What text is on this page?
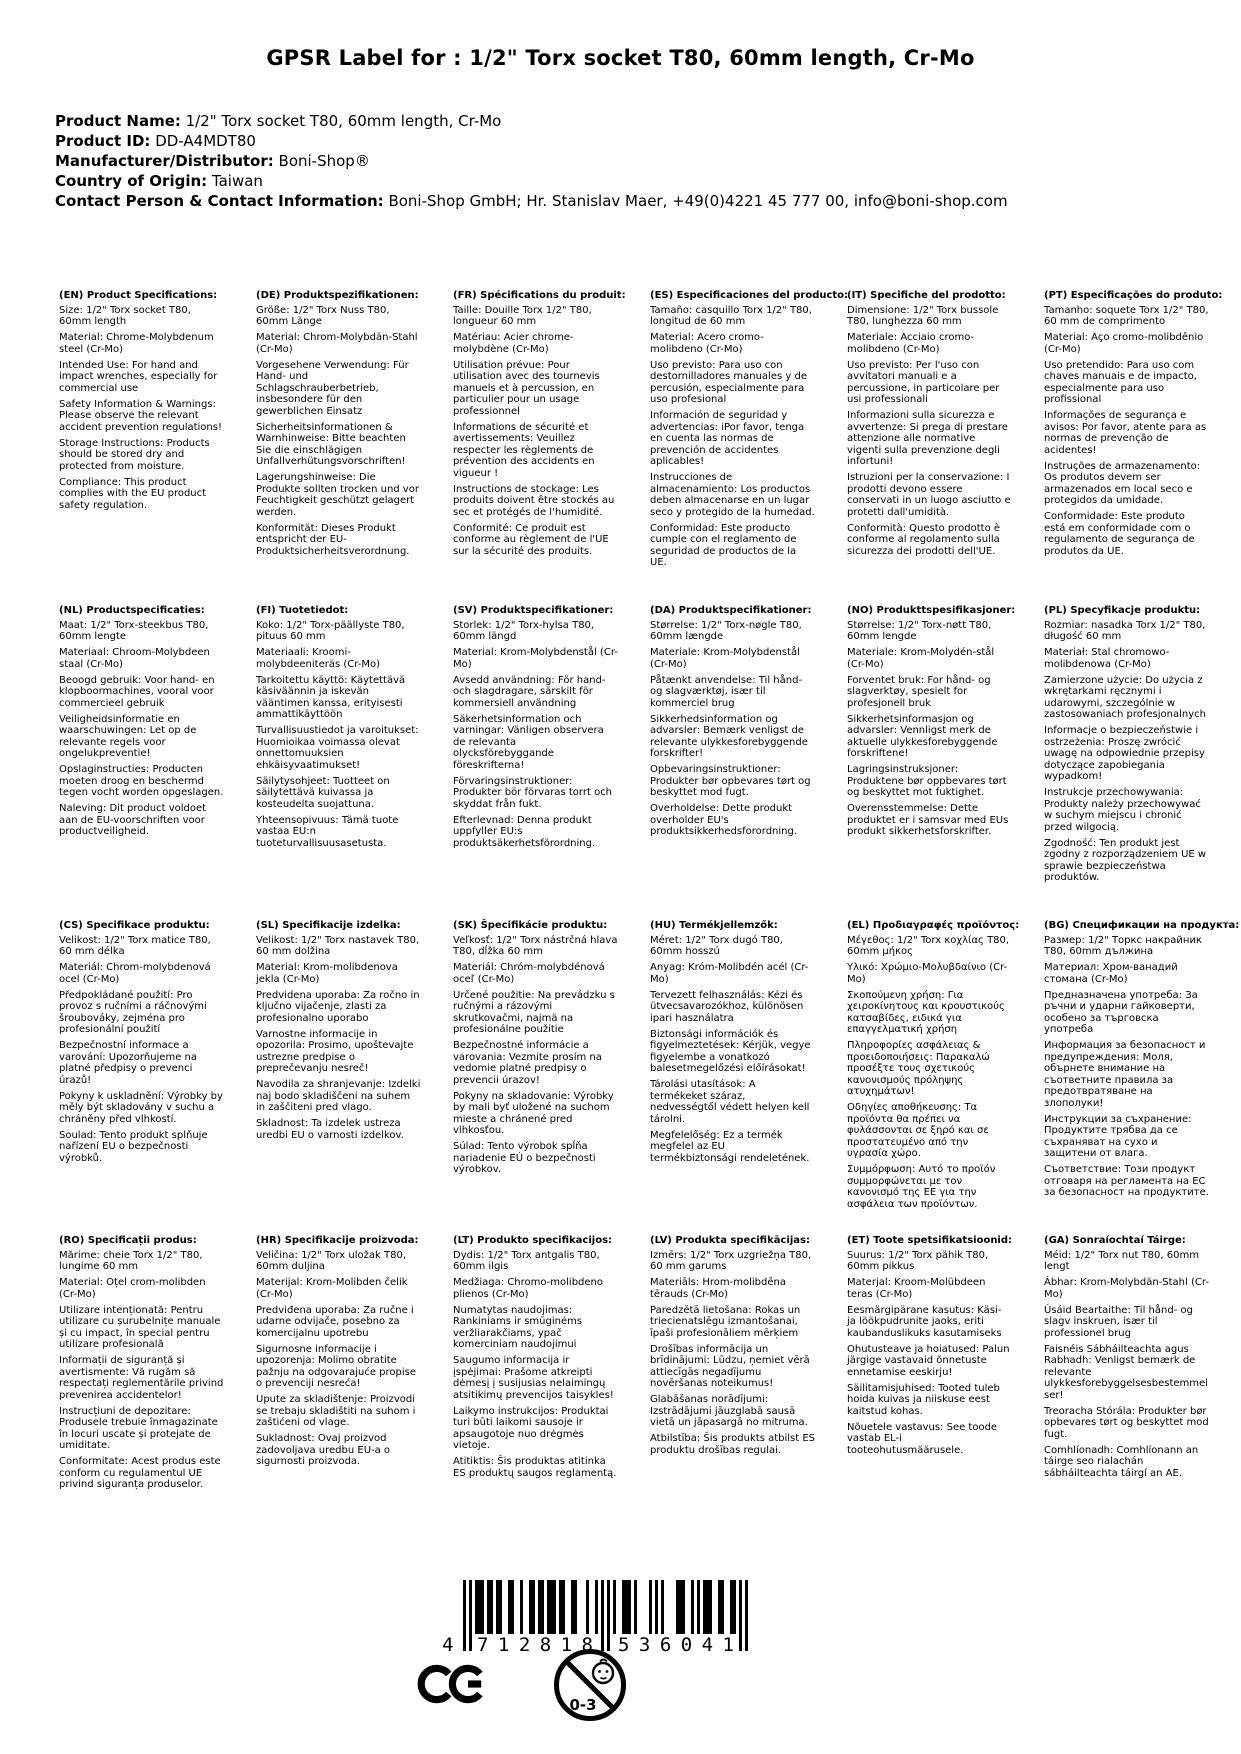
GPSR Label for : 1/2" Torx socket T80, 60mm length, Cr-Mo
Product Name: 1/2" Torx socket T80, 60mm length, Cr-Mo
Product ID: DD-A4MDT80
Manufacturer/Distributor: Boni-Shop®
Country of Origin: Taiwan
Contact Person & Contact Information: Boni-Shop GmbH; Hr. Stanislav Maer, +49(0)4221 45 777 00, info@boni-shop.com
(EN) Product Specifications:

Size: 1/2" Torx socket T80, 60mm length

Material: Chrome-Molybdenum steel (Cr-Mo)

Intended Use: For hand and impact wrenches, especially for commercial use

Safety Information & Warnings: Please observe the relevant accident prevention regulations!

Storage Instructions: Products should be stored dry and protected from moisture.

Compliance: This product complies with the EU product safety regulation.

(DE) Produktspezifikationen:

Größe: 1/2" Torx Nuss T80, 60mm Länge

Material: Chrom-Molybdän-Stahl (Cr-Mo)

Vorgesehene Verwendung: Für Hand- und Schlagschrauberbetrieb, insbesondere für den gewerblichen Einsatz

Sicherheitsinformationen & Warnhinweise: Bitte beachten Sie die einschlägigen Unfallverhütungsvorschriften!

Lagerungshinweise: Die Produkte sollten trocken und vor Feuchtigkeit geschützt gelagert werden.

Konformität: Dieses Produkt entspricht der EU-Produktsicherheitsverordnung.

(FR) Spécifications du produit:

Taille: Douille Torx 1/2" T80, longueur 60 mm

Matériau: Acier chrome-molybdène (Cr-Mo)

Utilisation prévue: Pour utilisation avec des tournevis manuels et à percussion, en particulier pour un usage professionnel

Informations de sécurité et avertissements: Veuillez respecter les règlements de prévention des accidents en vigueur !

Instructions de stockage: Les produits doivent être stockés au sec et protégés de l'humidité.

Conformité: Ce produit est conforme au règlement de l'UE sur la sécurité des produits.

(ES) Especificaciones del producto:

Tamaño: casquillo Torx 1/2" T80, longitud de 60 mm

Material: Acero cromo-molibdeno (Cr-Mo)

Uso previsto: Para uso con destornilladores manuales y de percusión, especialmente para uso profesional

Información de seguridad y advertencias: iPor favor, tenga en cuenta las normas de prevención de accidentes aplicables!

Instrucciones de almacenamiento: Los productos deben almacenarse en un lugar seco y protegido de la humedad.

Conformidad: Este producto cumple con el reglamento de seguridad de productos de la UE.

(IT) Specifiche del prodotto:

Dimensione: 1/2" Torx bussole T80, lunghezza 60 mm

Materiale: Acciaio cromo-molibdeno (Cr-Mo)

Uso previsto: Per l'uso con avvitatori manuali e a percussione, in particolare per usi professionali

Informazioni sulla sicurezza e avvertenze: Si prega di prestare attenzione alle normative vigenti sulla prevenzione degli infortuni!

Istruzioni per la conservazione: I prodotti devono essere conservati in un luogo asciutto e protetti dall'umidità.

Conformità: Questo prodotto è conforme al regolamento sulla sicurezza dei prodotti dell'UE.

(PT) Especificações do produto:

Tamanho: soquete Torx 1/2" T80, 60 mm de comprimento

Material: Aço cromo-molibdênio (Cr-Mo)

Uso pretendido: Para uso com chaves manuais e de impacto, especialmente para uso profissional

Informações de segurança e avisos: Por favor, atente para as normas de prevenção de acidentes!

Instruções de armazenamento: Os produtos devem ser armazenados em local seco e protegidos da umidade.

Conformidade: Este produto está em conformidade com o regulamento de segurança de produtos da UE.

(NL) Productspecificaties:

Maat: 1/2" Torx-steekbus T80, 60mm lengte

Materiaal: Chroom-Molybdeen staal (Cr-Mo)

Beoogd gebruik: Voor hand- en klopboormachines, vooral voor commercieel gebruik

Veiligheidsinformatie en waarschuwingen: Let op de relevante regels voor ongelukpreventie!

Opslaginstructies: Producten moeten droog en beschermd tegen vocht worden opgeslagen.

Naleving: Dit product voldoet aan de EU-voorschriften voor productveiligheid.

(FI) Tuotetiedot:

Koko: 1/2" Torx-päällyste T80, pituus 60 mm

Materiaali: Kroomi-molybdeeniteräs (Cr-Mo)

Tarkoitettu käyttö: Käytettävä käsiväännin ja iskevän vääntimen kanssa, erityisesti ammattikäyttöön

Turvallisuustiedot ja varoitukset: Huomioikaa voimassa olevat onnettomuuksien ehkäisyvaatimukset!

Säilytysohjeet: Tuotteet on säilytettävä kuivassa ja kosteudelta suojattuna.

Yhteensopivuus: Tämä tuote vastaa EU:n tuoteturvallisuusasetusta.

(SV) Produktspecifikationer:

Storlek: 1/2" Torx-hylsa T80, 60mm längd

Material: Krom-Molybdenstål (Cr-Mo)

Avsedd användning: För hand- och slagdragare, särskilt för kommersiell användning

Säkerhetsinformation och varningar: Vänligen observera de relevanta olycksförebyggande föreskrifterna!

Förvaringsinstruktioner: Produkter bör förvaras torrt och skyddat från fukt.

Efterlevnad: Denna produkt uppfyller EU:s produktsäkerhetsförordning.

(DA) Produktspecifikationer:

Størrelse: 1/2" Torx-nøgle T80, 60mm længde

Materiale: Krom-Molybdenstål (Cr-Mo)

Påtænkt anvendelse: Til hånd- og slagværktøj, især til kommerciel brug

Sikkerhedsinformation og advarsler: Bemærk venligst de relevante ulykkesforebyggende forskrifter!

Opbevaringsinstruktioner: Produkter bør opbevares tørt og beskyttet mod fugt.

Overholdelse: Dette produkt overholder EU's produktsikkerhedsforordning.

(NO) Produkttspesifikasjoner:

Størrelse: 1/2" Torx-nøtt T80, 60mm lengde

Materiale: Krom-Molydén-stål (Cr-Mo)

Forventet bruk: For hånd- og slagverktøy, spesielt for profesjonell bruk

Sikkerhetsinformasjon og advarsler: Vennligst merk de aktuelle ulykkesforebyggende forskriftene!

Lagringsinstruksjoner: Produktene bør oppbevares tørt og beskyttet mot fuktighet.

Overensstemmelse: Dette produktet er i samsvar med EUs produkt sikkerhetsforskrifter.

(PL) Specyfikacje produktu:

Rozmiar: nasadka Torx 1/2" T80, długość 60 mm

Materiał: Stal chromowo-molibdenowa (Cr-Mo)

Zamierzone użycie: Do użycia z wkrętarkami ręcznymi i udarowymi, szczególnie w zastosowaniach profesjonalnych

Informacje o bezpieczeństwie i ostrzeżenia: Proszę zwrócić uwagę na odpowiednie przepisy dotyczące zapobiegania wypadkom!

Instrukcje przechowywania: Produkty należy przechowywać w suchym miejscu i chronić przed wilgocią.

Zgodność: Ten produkt jest zgodny z rozporządzeniem UE w sprawie bezpieczeństwa produktów.

(CS) Specifikace produktu:

Velikost: 1/2" Torx matice T80, 60 mm délka

Materiál: Chrom-molybdenová ocel (Cr-Mo)

Předpokládané použití: Pro provoz s ručními a ráčnovými šroubováky, zejména pro profesionální použití

Bezpečnostní informace a varování: Upozorňujeme na platné předpisy o prevenci úrazů!

Pokyny k uskladnění: Výrobky by měly být skladovány v suchu a chráněny před vlhkostí.

Soulad: Tento produkt splňuje nařízení EU o bezpečnosti výrobků.

(SL) Specifikacije izdelka:

Velikost: 1/2" Torx nastavek T80, 60 mm dolžina

Material: Krom-molibdenova jekla (Cr-Mo)

Predvidena uporaba: Za ročno in ključno vijačenje, zlasti za profesionalno uporabo

Varnostne informacije in opozorila: Prosimo, upoštevajte ustrezne predpise o preprečevanju nesreč!

Navodila za shranjevanje: Izdelki naj bodo skladiščeni na suhem in zaščiteni pred vlago.

Skladnost: Ta izdelek ustreza uredbi EU o varnosti izdelkov.

(SK) Špecifikácie produktu:

Veľkosť: 1/2" Torx nástrčná hlava T80, dĺžka 60 mm

Materiál: Chróm-molybdénová oceľ (Cr-Mo)

Určené použitie: Na prevádzku s ručnými a rázovými skrutkovačmi, najmä na profesionálne použitie

Bezpečnostné informácie a varovania: Vezmite prosím na vedomie platné predpisy o prevencii úrazov!

Pokyny na skladovanie: Výrobky by mali byť uložené na suchom mieste a chránené pred vlhkosťou.

Súlad: Tento výrobok spĺňa nariadenie EÚ o bezpečnosti výrobkov.

(HU) Termékjellemzők:

Méret: 1/2" Torx dugó T80, 60mm hosszú

Anyag: Króm-Molibdén acél (Cr-Mo)

Tervezett felhasználás: Kézi és ütvecsavarozókhoz, különösen ipari használatra

Biztonsági információk és figyelmeztetések: Kérjük, vegye figyelembe a vonatkozó balesetmegelőzési előírásokat!

Tárolási utasítások: A termékeket száraz, nedvességtől védett helyen kell tárolni.

Megfelelőség: Ez a termék megfelel az EU termékbiztonsági rendeletének.

(EL) Προδιαγραφές προϊόντος:

Μέγεθος: 1/2" Torx κοχλίας T80, 60mm μήκος

Υλικό: Χρώμιο-Μολυβδαίνιο (Cr-Mo)

Σκοπούμενη χρήση: Για χειροκίνητους και κρουστικούς κατσαβίδες, ειδικά για επαγγελματική χρήση

Πληροφορίες ασφάλειας & προειδοποιήσεις: Παρακαλώ προσέξτε τους σχετικούς κανονισμούς πρόληψης ατυχημάτων!

Οδηγίες αποθήκευσης: Τα προϊόντα θα πρέπει να φυλάσσονται σε ξηρό και σε προστατευμένο από την υγρασία χώρο.

Συμμόρφωση: Αυτό το προϊόν συμμορφώνεται με τον κανονισμό της ΕΕ για την ασφάλεια των προϊόντων.

(BG) Спецификации на продукта:

Размер: 1/2" Торкс накрайник T80, 60mm дължина

Материал: Хром-ванадий стомана (Cr-Mo)

Предназначена употреба: За ръчни и ударни гайковерти, особено за търговска употреба

Информация за безопасност и предупреждения: Моля, обърнете внимание на съответните правила за предотвратяване на злополуки!

Инструкции за съхранение: Продуктите трябва да се съхраняват на сухо и защитени от влага.

Съответствие: Този продукт отговаря на регламента на ЕС за безопасност на продуктите.

(RO) Specificații produs:

Mărime: cheie Torx 1/2" T80, lungime 60 mm

Material: Oțel crom-molibden (Cr-Mo)

Utilizare intenționată: Pentru utilizare cu șurubelnițe manuale și cu impact, în special pentru utilizare profesională

Informații de siguranță și avertismente: Vă rugăm să respectați reglementările privind prevenirea accidentelor!

Instrucțiuni de depozitare: Produsele trebuie înmagazinate în locuri uscate și protejate de umiditate.

Conformitate: Acest produs este conform cu regulamentul UE privind siguranța produselor.

(HR) Specifikacije proizvoda:

Veličina: 1/2" Torx uložak T80, 60mm duljina

Materijal: Krom-Molibden čelik (Cr-Mo)

Predviđena uporaba: Za ručne i udarne odvijače, posebno za komercijalnu upotrebu

Sigurnosne informacije i upozorenja: Molimo obratite pažnju na odgovarajuće propise o prevenciji nesreća!

Upute za skladištenje: Proizvodi se trebaju skladištiti na suhom i zaštićeni od vlage.

Sukladnost: Ovaj proizvod zadovoljava uredbu EU-a o sigurnosti proizvoda.

(LT) Produkto specifikacijos:

Dydis: 1/2" Torx antgalis T80, 60mm ilgis

Medžiaga: Chromo-molibdeno plienos (Cr-Mo)

Numatytas naudojimas: Rankiniams ir smūginėms veržliarakčiams, ypač komerciniam naudojimui

Saugumo informacija ir įspėjimai: Prašome atkreipti dėmesį į susijusias nelaimingų atsitikimų prevencijos taisykles!

Laikymo instrukcijos: Produktai turi būti laikomi sausoje ir apsaugotoje nuo drėgmės vietoje.

Atitiktis: Šis produktas atitinka ES produktų saugos reglamentą.

(LV) Produkta specifikācijas:

Izmērs: 1/2" Torx uzgriežņa T80, 60 mm garums

Materiāls: Hrom-molibdēna tērauds (Cr-Mo)

Paredzētā lietošana: Rokas un triecienatslēgu izmantošanai, īpaši profesionāliem mērķiem

Drošības informācija un brīdinājumi: Lūdzu, ņemiet vērā attiecīgās negadījumu novēršanas noteikumus!

Glabāšanas norādījumi: Izstrādājumi jāuzglabā sausā vietā un jāpasargā no mitruma.

Atbilstība: Šis produkts atbilst ES produktu drošības regulai.

(ET) Toote spetsifikatsioonid:

Suurus: 1/2" Torx pähik T80, 60mm pikkus

Materjal: Kroom-Molübdeen teras (Cr-Mo)

Eesmärgipärane kasutus: Käsi- ja löökpudrunite jaoks, eriti kaubanduslikuks kasutamiseks

Ohutusteave ja hoiatused: Palun järgige vastavaid õnnetuste ennetamise eeskirju!

Säilitamisjuhised: Tooted tuleb hoida kuivas ja niiskuse eest kaitstud kohas.

Nõuetele vastavus: See toode vastab EL-i tooteohutusmäärusele.

(GA) Sonraíochtaí Táirge:

Méid: 1/2" Torx nut T80, 60mm lengt

Ábhar: Krom-Molybdän-Stahl (Cr-Mo)

Úsáid Beartaithe: Til hånd- og slagv inskruen, især til professionel brug

Faisnéis Sábháilteachta agus Rabhadh: Venligst bemærk de relevante ulykkesforebyggelsesbestemmelser!

Treoracha Stórála: Produkter bør opbevares tørt og beskyttet mod fugt.

Comhlíonadh: Comhlíonann an táirge seo rialachán sábháilteachta táirgí an AE.

4 712818 536041
0-3
